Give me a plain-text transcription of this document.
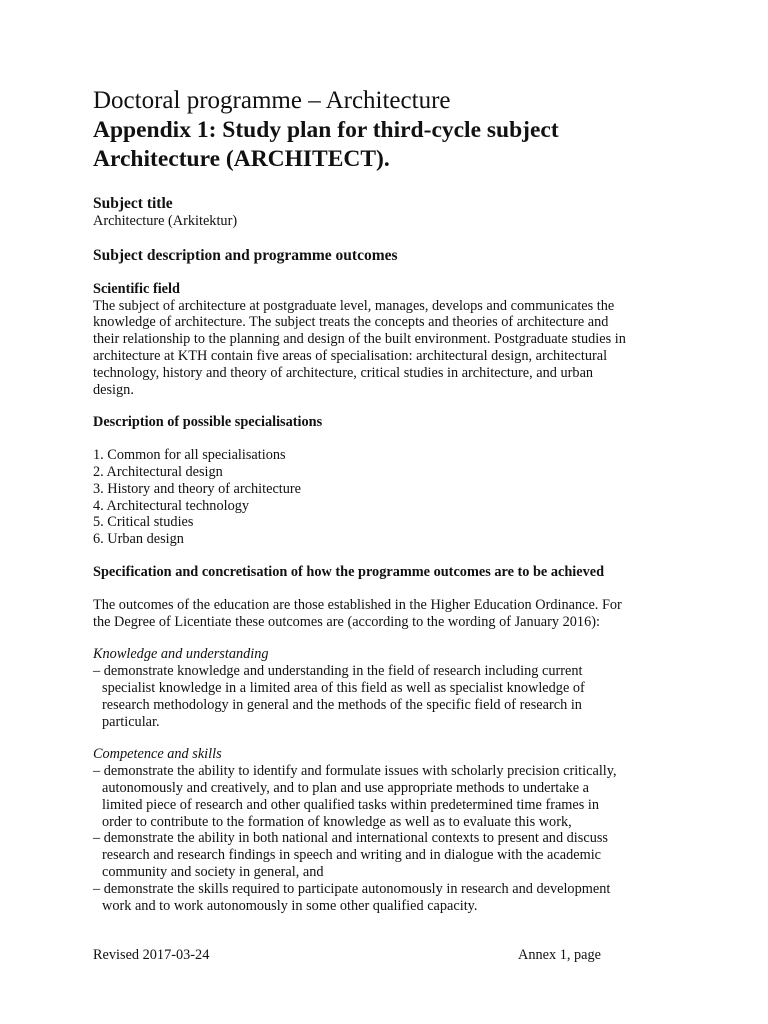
Doctoral programme – Architecture
Appendix 1: Study plan for third-cycle subject
Architecture (ARCHITECT).
Subject title
Architecture (Arkitektur)
Subject description and programme outcomes
Scientific field
The subject of architecture at postgraduate level, manages, develops and communicates the
knowledge of architecture. The subject treats the concepts and theories of architecture and
their relationship to the planning and design of the built environment. Postgraduate studies in
architecture at KTH contain five areas of specialisation: architectural design, architectural
technology, history and theory of architecture, critical studies in architecture, and urban
design.
Description of possible specialisations
1. Common for all specialisations
2. Architectural design
3. History and theory of architecture
4. Architectural technology
5. Critical studies
6. Urban design
Specification and concretisation of how the programme outcomes are to be achieved
The outcomes of the education are those established in the Higher Education Ordinance. For
the Degree of Licentiate these outcomes are (according to the wording of January 2016):
Knowledge and understanding
– demonstrate knowledge and understanding in the field of research including current
specialist knowledge in a limited area of this field as well as specialist knowledge of
research methodology in general and the methods of the specific field of research in
particular.
Competence and skills
– demonstrate the ability to identify and formulate issues with scholarly precision critically,
autonomously and creatively, and to plan and use appropriate methods to undertake a
limited piece of research and other qualified tasks within predetermined time frames in
order to contribute to the formation of knowledge as well as to evaluate this work,
– demonstrate the ability in both national and international contexts to present and discuss
research and research findings in speech and writing and in dialogue with the academic
community and society in general, and
– demonstrate the skills required to participate autonomously in research and development
work and to work autonomously in some other qualified capacity.
Revised 2017-03-24	Annex 1, page
